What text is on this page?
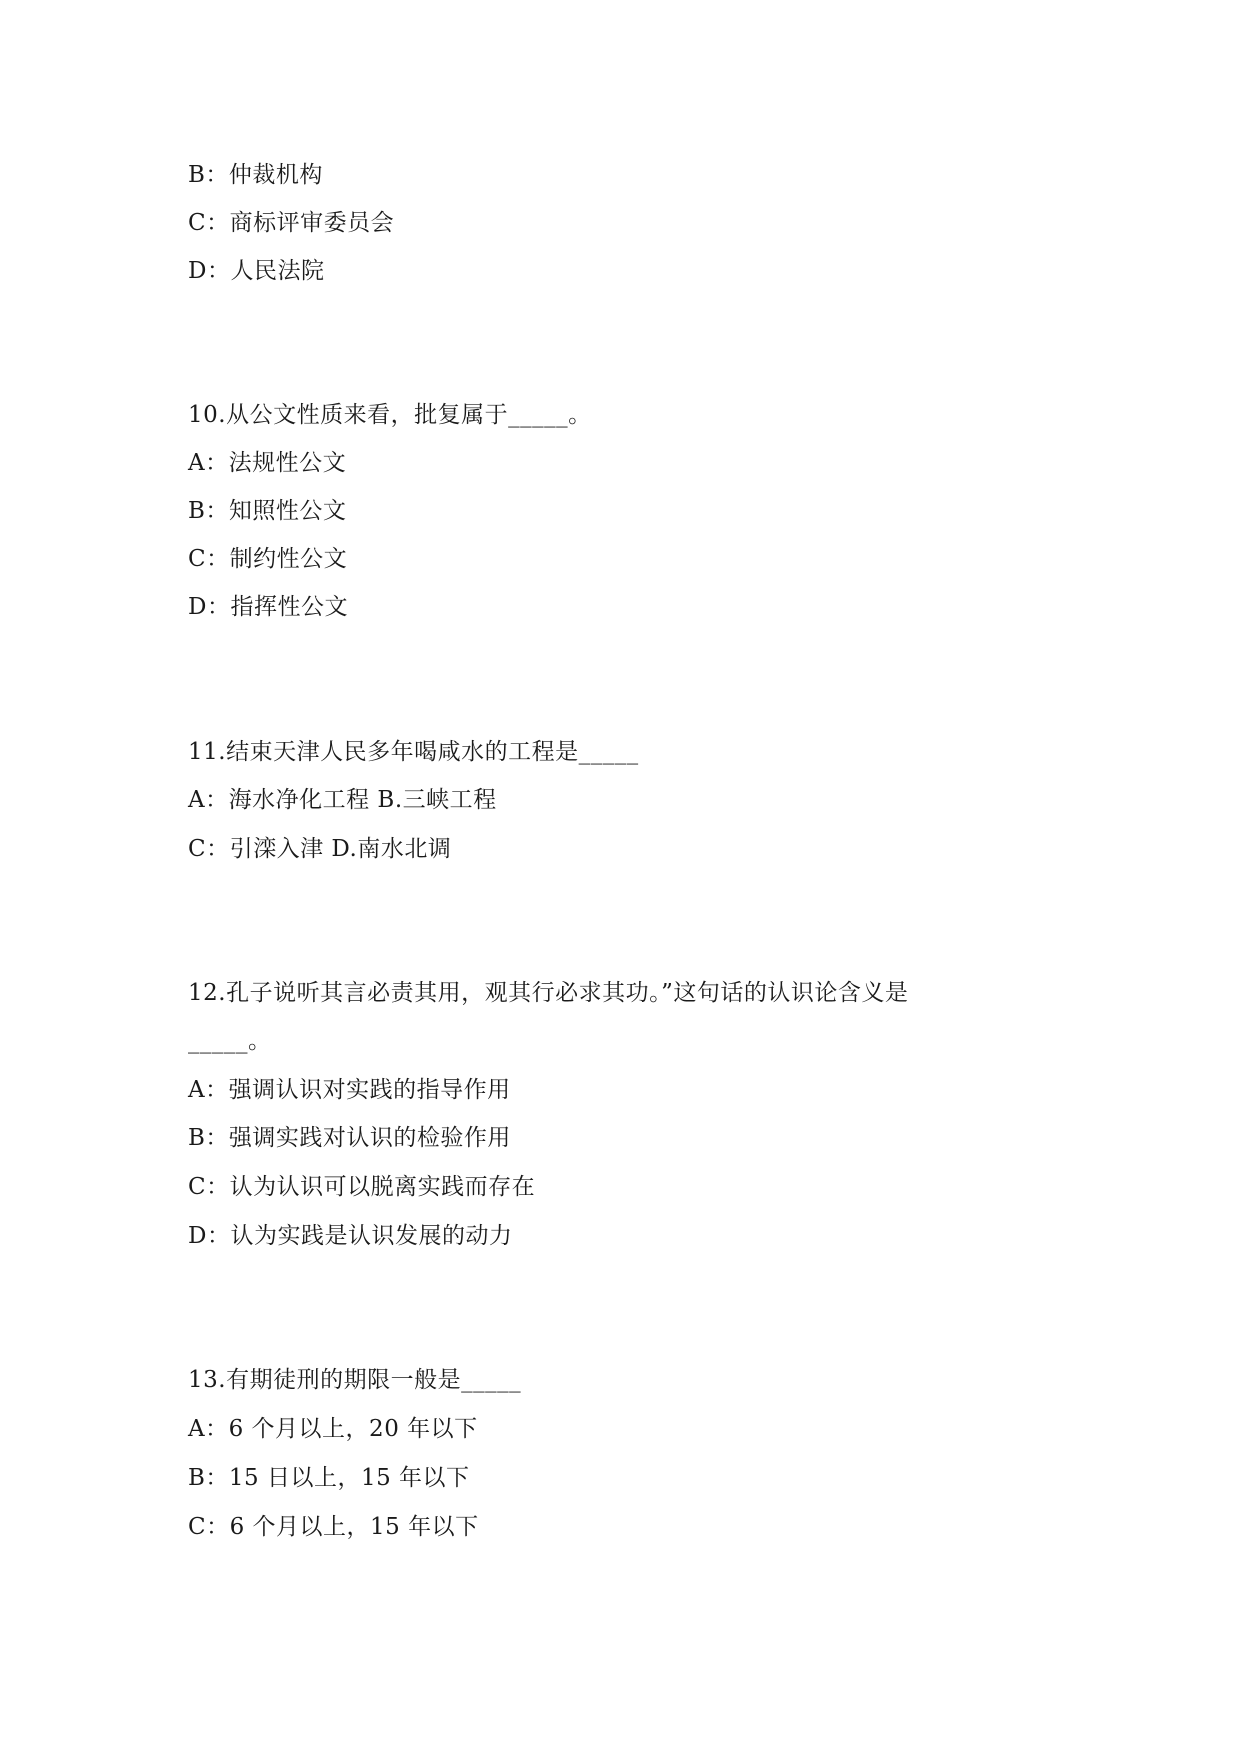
B：仲裁机构
C：商标评审委员会
D：人民法院
10.从公文性质来看，批复属于_____。
A：法规性公文
B：知照性公文
C：制约性公文
D：指挥性公文
11.结束天津人民多年喝咸水的工程是_____
A：海水净化工程 B.三峡工程
C：引滦入津 D.南水北调
12.孔子说听其言必责其用，观其行必求其功。”这句话的认识论含义是
_____。
A：强调认识对实践的指导作用
B：强调实践对认识的检验作用
C：认为认识可以脱离实践而存在
D：认为实践是认识发展的动力
13.有期徒刑的期限一般是_____
A：6 个月以上，20 年以下
B：15 日以上，15 年以下
C：6 个月以上，15 年以下
